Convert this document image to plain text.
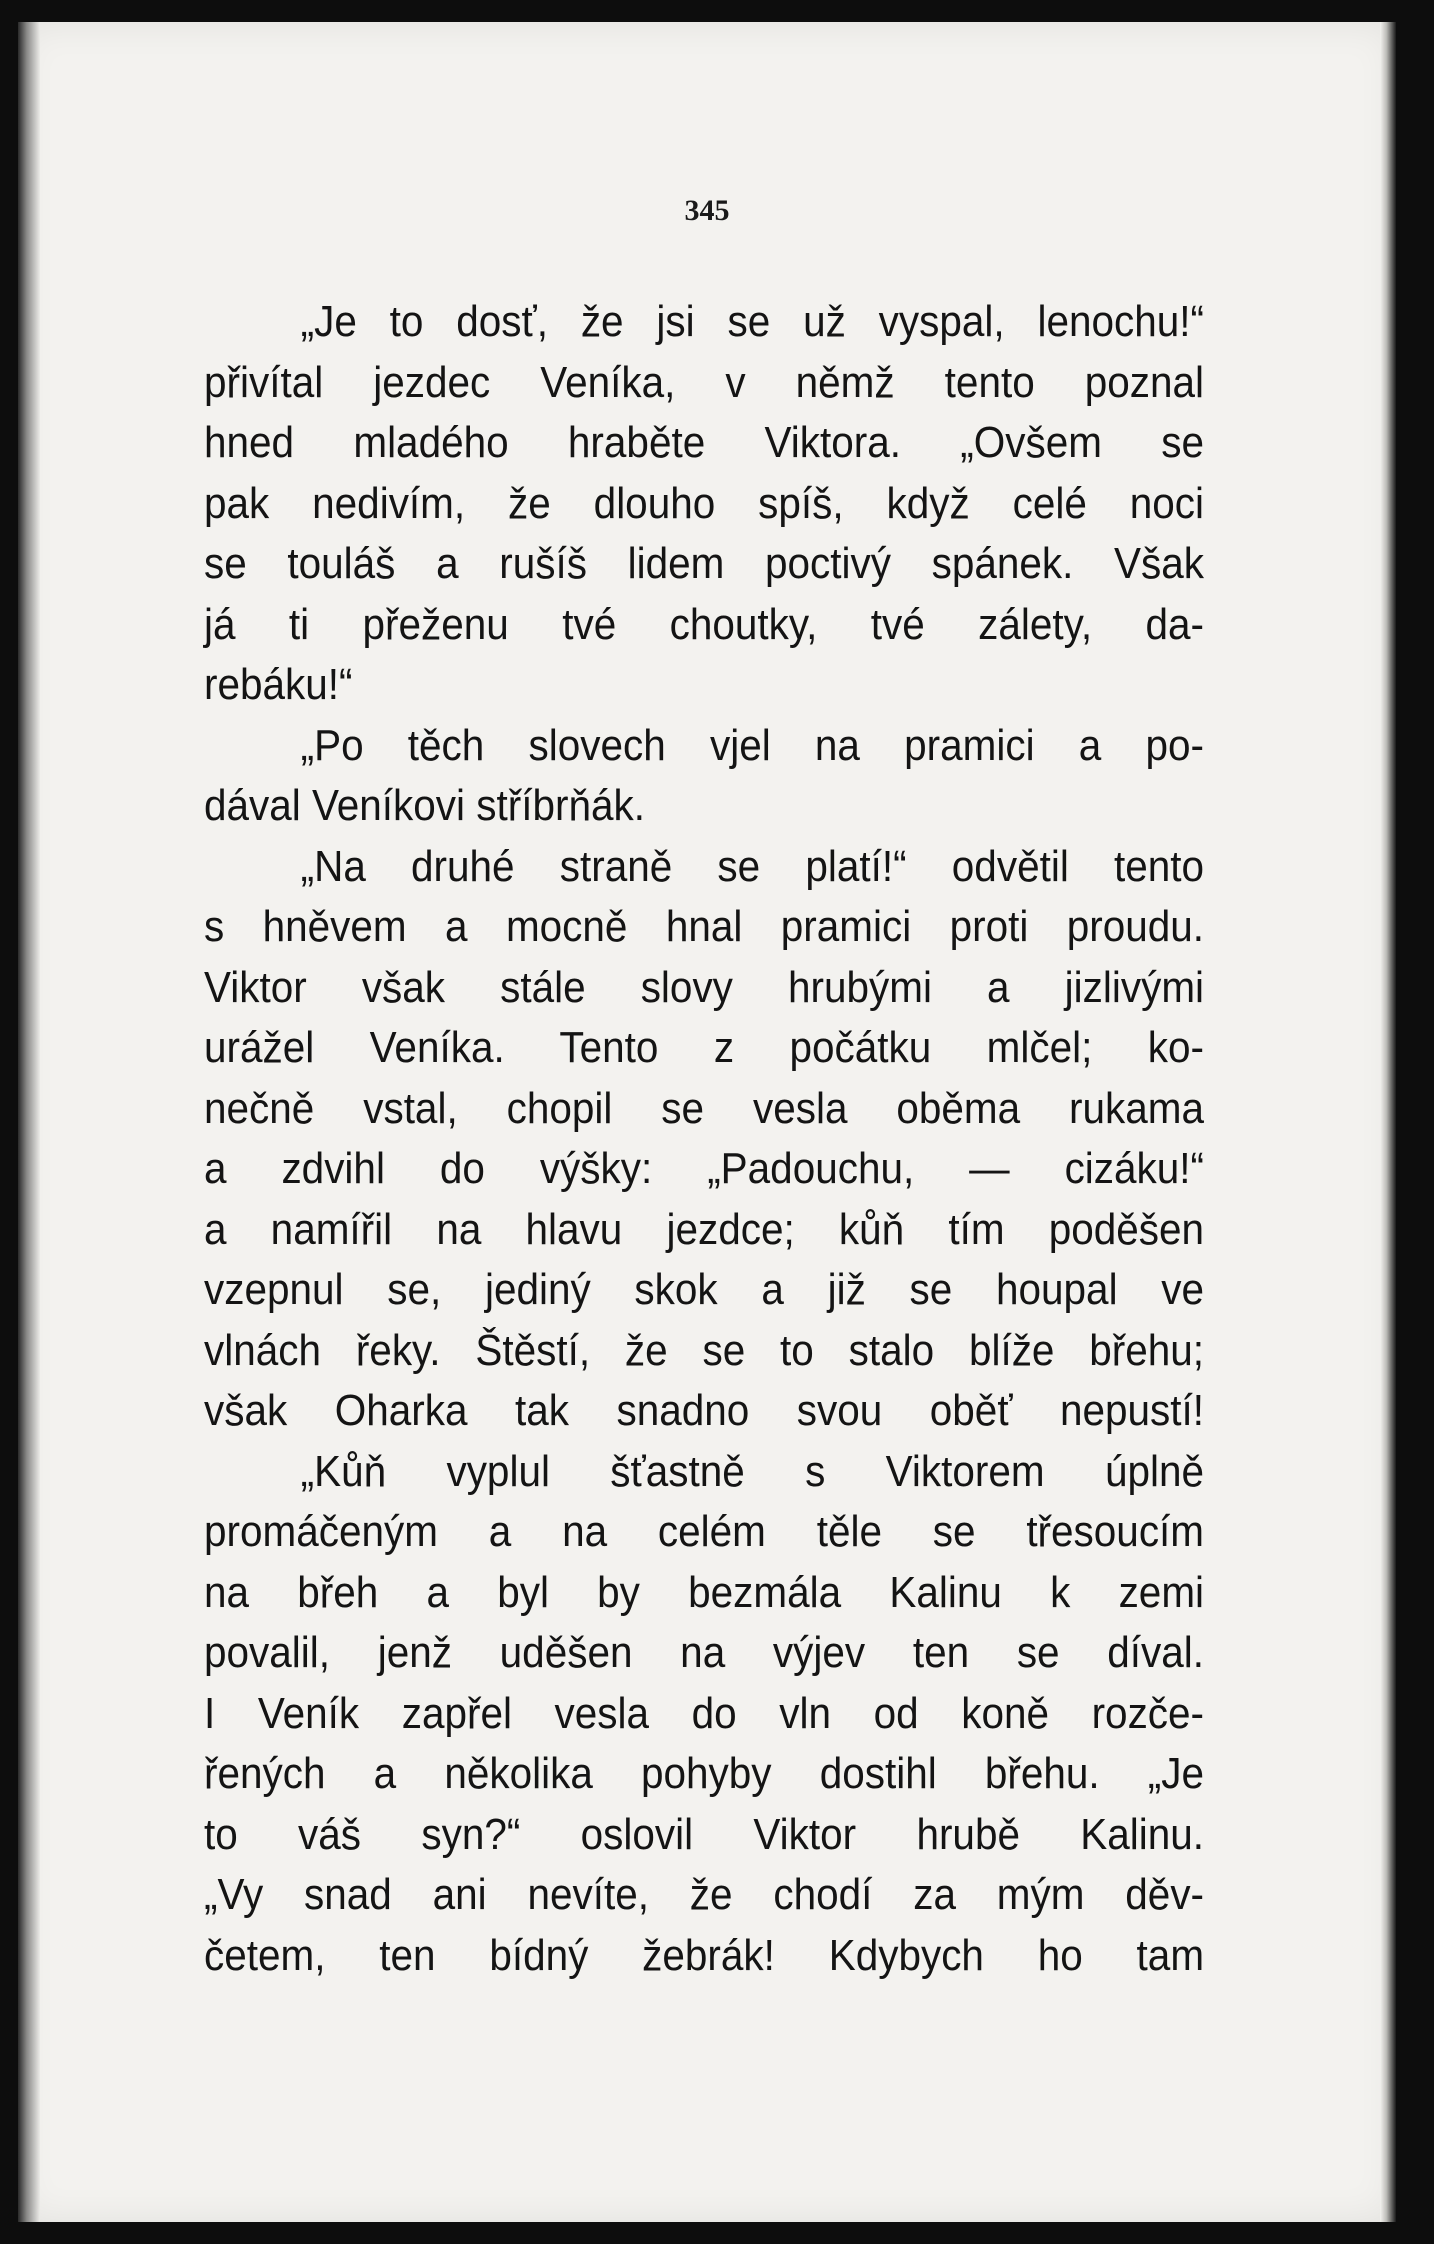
345
„Je to dosť, že jsi se už vyspal, lenochu!“
přivítal jezdec Veníka, v němž tento poznal
hned mladého hraběte Viktora. „Ovšem se
pak nedivím, že dlouho spíš, když celé noci
se touláš a rušíš lidem poctivý spánek. Však
já ti přeženu tvé choutky, tvé zálety, da-
rebáku!“
„Po těch slovech vjel na pramici a po-
dával Veníkovi stříbrňák.
„Na druhé straně se platí!“ odvětil tento
s hněvem a mocně hnal pramici proti proudu.
Viktor však stále slovy hrubými a jizlivými
urážel Veníka. Tento z počátku mlčel; ko-
nečně vstal, chopil se vesla oběma rukama
a zdvihl do výšky: „Padouchu, — cizáku!“
a namířil na hlavu jezdce; kůň tím poděšen
vzepnul se, jediný skok a již se houpal ve
vlnách řeky. Štěstí, že se to stalo blíže břehu;
však Oharka tak snadno svou oběť nepustí!
„Kůň vyplul šťastně s Viktorem úplně
promáčeným a na celém těle se třesoucím
na břeh a byl by bezmála Kalinu k zemi
povalil, jenž uděšen na výjev ten se díval.
I Veník zapřel vesla do vln od koně rozče-
řených a několika pohyby dostihl břehu. „Je
to váš syn?“ oslovil Viktor hrubě Kalinu.
„Vy snad ani nevíte, že chodí za mým děv-
četem, ten bídný žebrák! Kdybych ho tam
